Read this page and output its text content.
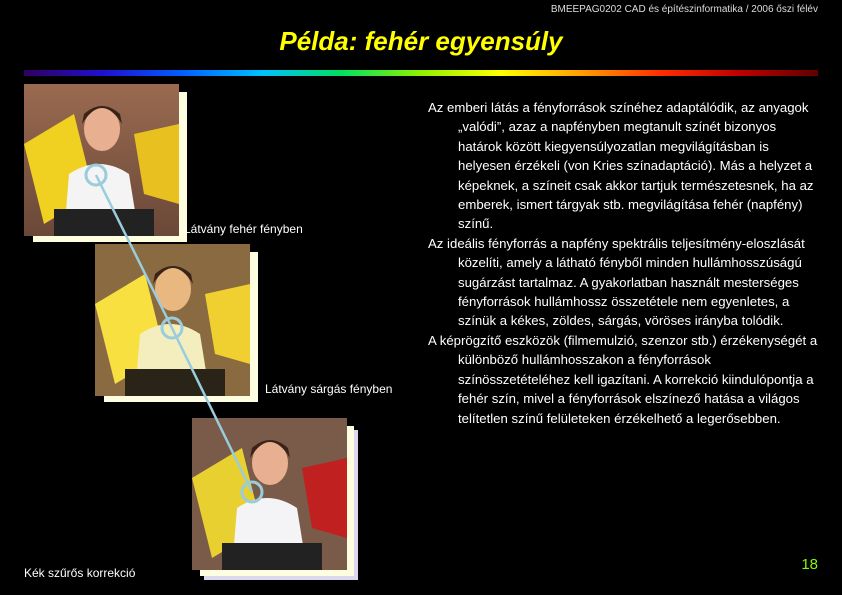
BMEEPAG0202 CAD és építészinformatika / 2006 őszi félév
Példa: fehér egyensúly
Látvány fehér fényben
Látvány sárgás fényben
Kék szűrős korrekció

Az emberi látás a fényforrások színéhez adaptálódik, az anyagok „valódi”, azaz a napfényben megtanult színét bizonyos határok között kiegyensúlyozatlan megvilágításban is helyesen érzékeli (von Kries színadaptáció). Más a helyzet a képeknek, a színeit csak akkor tartjuk természetesnek, ha az emberek, ismert tárgyak stb. megvilágítása fehér (napfény) színű.

Az ideális fényforrás a napfény spektrális teljesítmény-eloszlását közelíti, amely a látható fényből minden hullámhosszúságú sugárzást tartalmaz. A gyakorlatban használt mesterséges fényforrások hullámhossz összetétele nem egyenletes, a színük a kékes, zöldes, sárgás, vöröses irányba tolódik.

A képrögzítő eszközök (filmemulzió, szenzor stb.) érzékenységét a különböző hullámhosszakon a fényforrások színösszetételéhez kell igazítani. A korrekció kiindulópontja a fehér szín, mivel a fényforrások elszínező hatása a világos telítetlen színű felületeken érzékelhető a legerősebben.

18
